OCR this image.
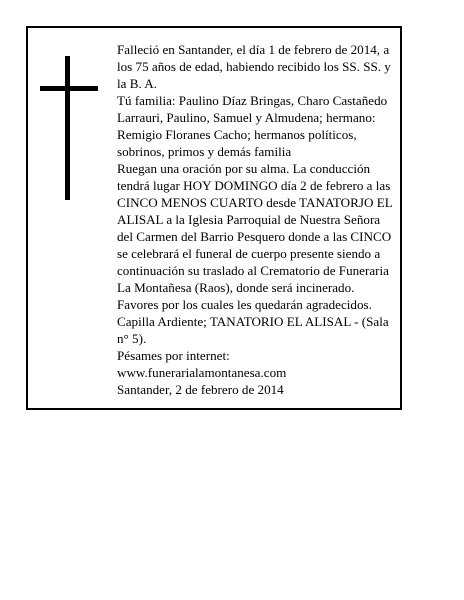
Falleció en Santander, el día 1 de febrero de 2014, a los 75 años de edad, habiendo recibido los SS. SS. y la B. A.

Tú familia: Paulino Díaz Bringas, Charo Castañedo Larrauri, Paulino, Samuel y Almudena; hermano: Remigio Floranes Cacho; hermanos políticos, sobrinos, primos y demás familia

Ruegan una oración por su alma. La conducción tendrá lugar HOY DOMINGO día 2 de febrero a las CINCO MENOS CUARTO desde TANATORJO EL ALISAL a la Iglesia Parroquial de Nuestra Señora del Carmen del Barrio Pesquero donde a las CINCO se celebrará el funeral de cuerpo presente siendo a continuación su traslado al Crematorio de Funeraria La Montañesa (Raos), donde será incinerado. Favores por los cuales les quedarán agradecidos. Capilla Ardiente; TANATORIO EL ALISAL - (Sala n° 5).

Pésames por internet: www.funerarialamontanesa.com

Santander, 2 de febrero de 2014
